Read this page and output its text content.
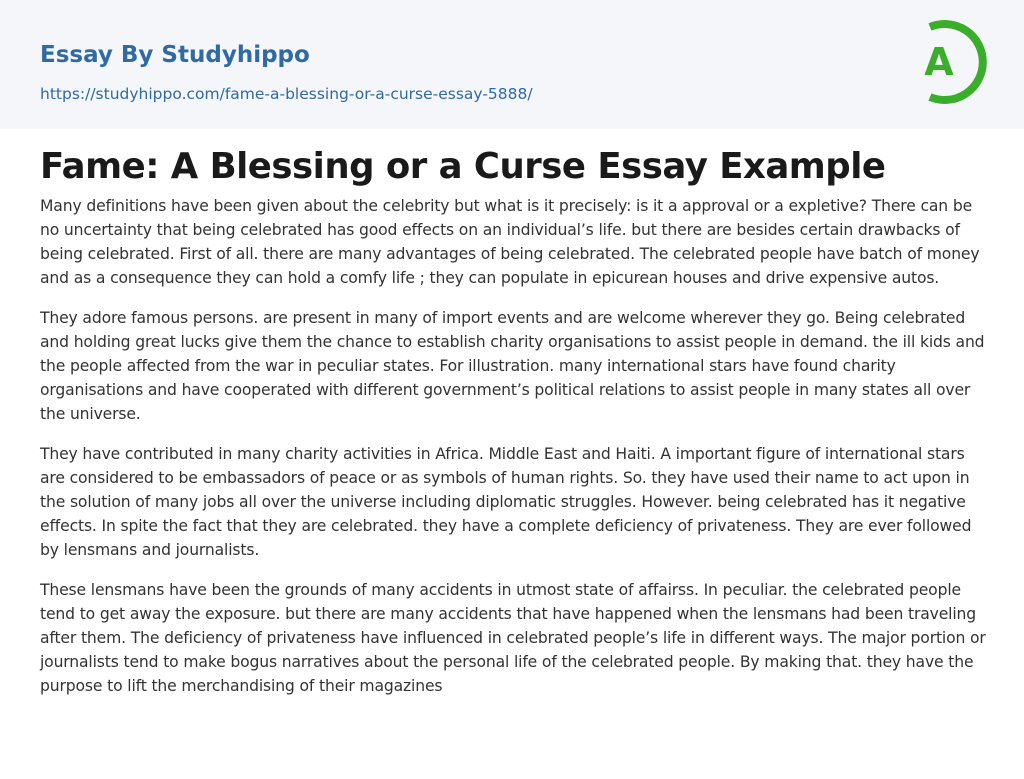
Essay By Studyhippo
https://studyhippo.com/fame-a-blessing-or-a-curse-essay-5888/
A
Fame: A Blessing or a Curse Essay Example

Many definitions have been given about the celebrity but what is it precisely: is it a approval or a expletive? There can be no uncertainty that being celebrated has good effects on an individual’s life. but there are besides certain drawbacks of being celebrated. First of all. there are many advantages of being celebrated. The celebrated people have batch of money and as a consequence they can hold a comfy life ; they can populate in epicurean houses and drive expensive autos.

They adore famous persons. are present in many of import events and are welcome wherever they go. Being celebrated and holding great lucks give them the chance to establish charity organisations to assist people in demand. the ill kids and the people affected from the war in peculiar states. For illustration. many international stars have found charity organisations and have cooperated with different government’s political relations to assist people in many states all over the universe.

They have contributed in many charity activities in Africa. Middle East and Haiti. A important figure of international stars are considered to be embassadors of peace or as symbols of human rights. So. they have used their name to act upon in the solution of many jobs all over the universe including diplomatic struggles. However. being celebrated has it negative effects. In spite the fact that they are celebrated. they have a complete deficiency of privateness. They are ever followed by lensmans and journalists.

These lensmans have been the grounds of many accidents in utmost state of affairss. In peculiar. the celebrated people tend to get away the exposure. but there are many accidents that have happened when the lensmans had been traveling after them. The deficiency of privateness have influenced in celebrated people’s life in different ways. The major portion or journalists tend to make bogus narratives about the personal life of the celebrated people. By making that. they have the purpose to lift the merchandising of their magazines
